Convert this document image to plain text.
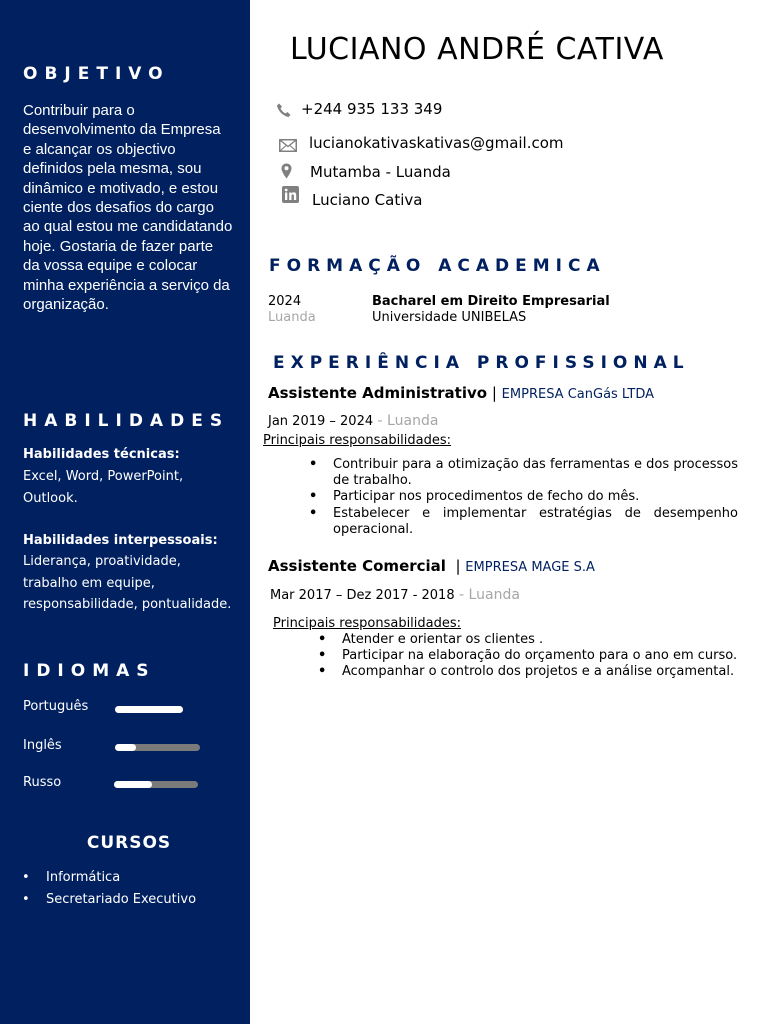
OBJETIVO
Contribuir para o desenvolvimento da Empresa e alcançar os objectivo definidos pela mesma, sou dinâmico e motivado, e estou ciente dos desafios do cargo ao qual estou me candidatando hoje. Gostaria de fazer parte da vossa equipe e colocar minha experiência a serviço da organização.
HABILIDADES
Habilidades técnicas:
Excel, Word, PowerPoint, Outlook.
Habilidades interpessoais:
Liderança, proatividade, trabalho em equipe, responsabilidade, pontualidade.
IDIOMAS
Português
Inglês
Russo
CURSOS
• Informática
• Secretariado Executivo
LUCIANO ANDRÉ CATIVA
+244 935 133 349
lucianokativaskativas@gmail.com
Mutamba - Luanda
Luciano Cativa
FORMAÇÃO ACADEMICA
2024
Luanda
Bacharel em Direito Empresarial
Universidade UNIBELAS
EXPERIÊNCIA PROFISSIONAL
Assistente Administrativo | EMPRESA CanGás LTDA
Jan 2019 – 2024 - Luanda
Principais responsabilidades:
• Contribuir para a otimização das ferramentas e dos processos de trabalho.
• Participar nos procedimentos de fecho do mês.
• Estabelecer e implementar estratégias de desempenho operacional.
Assistente Comercial  | EMPRESA MAGE S.A
Mar 2017 – Dez 2017 - 2018 - Luanda
Principais responsabilidades:
• Atender e orientar os clientes .
• Participar na elaboração do orçamento para o ano em curso.
• Acompanhar o controlo dos projetos e a análise orçamental.
